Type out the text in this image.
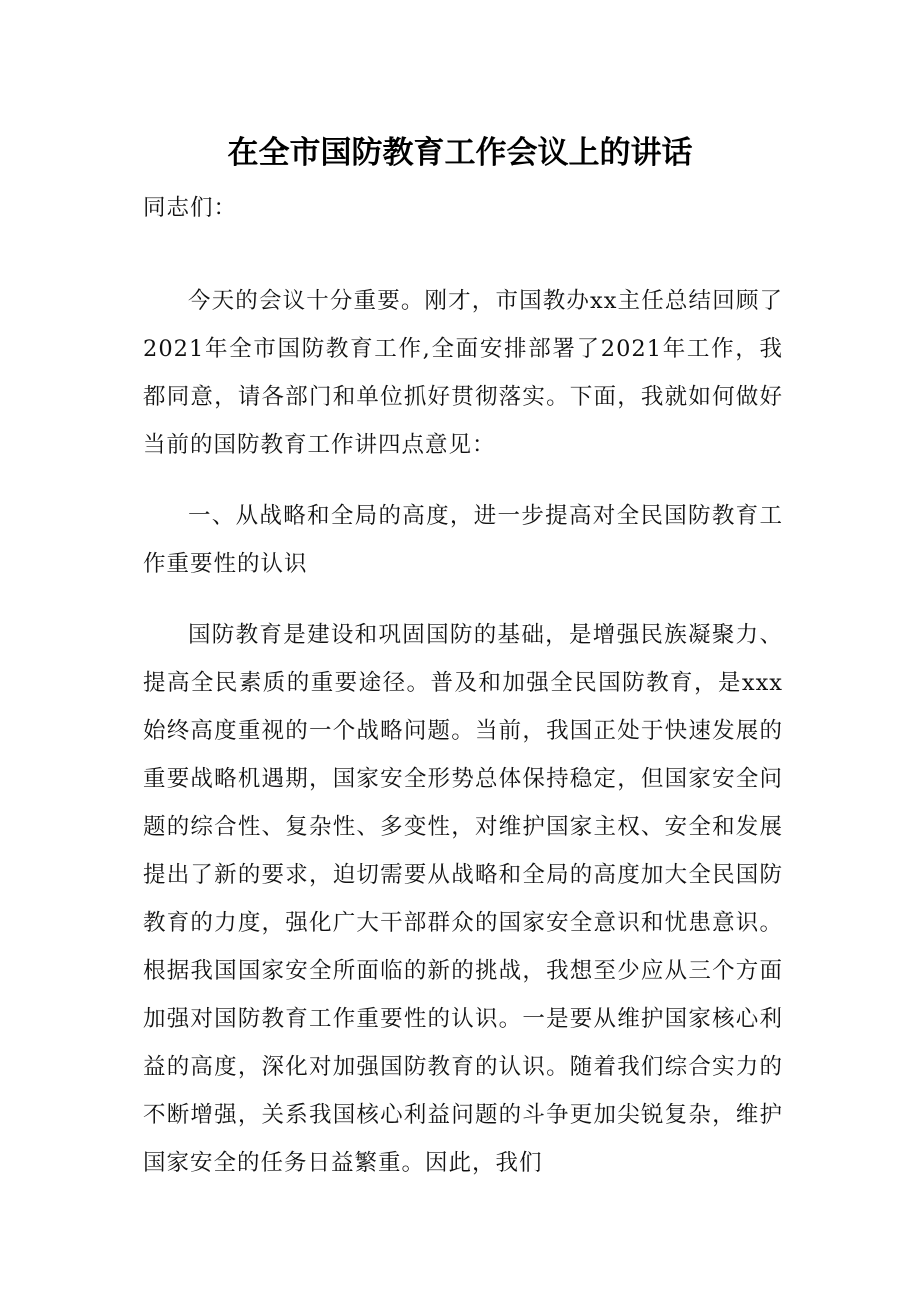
在全市国防教育工作会议上的讲话

同志们：

今天的会议十分重要。刚才，市国教办xx主任总结回顾了2021年全市国防教育工作,全面安排部署了2021年工作，我都同意，请各部门和单位抓好贯彻落实。下面，我就如何做好当前的国防教育工作讲四点意见：

一、从战略和全局的高度，进一步提高对全民国防教育工作重要性的认识

国防教育是建设和巩固国防的基础，是增强民族凝聚力、提高全民素质的重要途径。普及和加强全民国防教育，是xxx始终高度重视的一个战略问题。当前，我国正处于快速发展的重要战略机遇期，国家安全形势总体保持稳定，但国家安全问题的综合性、复杂性、多变性，对维护国家主权、安全和发展提出了新的要求，迫切需要从战略和全局的高度加大全民国防教育的力度，强化广大干部群众的国家安全意识和忧患意识。根据我国国家安全所面临的新的挑战，我想至少应从三个方面加强对国防教育工作重要性的认识。一是要从维护国家核心利益的高度，深化对加强国防教育的认识。随着我们综合实力的不断增强，关系我国核心利益问题的斗争更加尖锐复杂，维护国家安全的任务日益繁重。因此，我们
